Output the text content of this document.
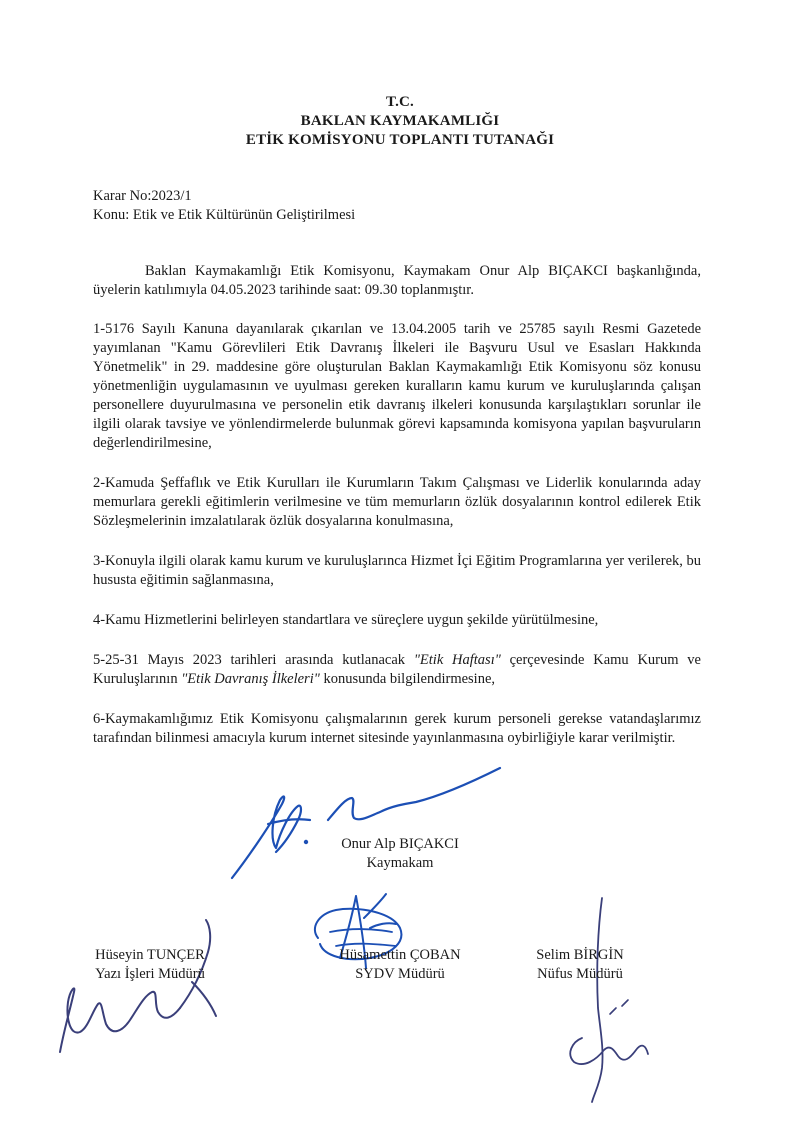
T.C.
BAKLAN KAYMAKAMLIĞI
ETİK KOMİSYONU TOPLANTI TUTANAĞI
Karar No:2023/1
Konu: Etik ve Etik Kültürünün Geliştirilmesi

Baklan Kaymakamlığı Etik Komisyonu, Kaymakam Onur Alp BIÇAKCI başkanlığında, üyelerin katılımıyla 04.05.2023 tarihinde saat: 09.30 toplanmıştır.

1-5176 Sayılı Kanuna dayanılarak çıkarılan ve 13.04.2005 tarih ve 25785 sayılı Resmi Gazetede yayımlanan "Kamu Görevlileri Etik Davranış İlkeleri ile Başvuru Usul ve Esasları Hakkında Yönetmelik" in 29. maddesine göre oluşturulan Baklan Kaymakamlığı Etik Komisyonu söz konusu yönetmenliğin uygulamasının ve uyulması gereken kuralların kamu kurum ve kuruluşlarında çalışan personellere duyurulmasına ve personelin etik davranış ilkeleri konusunda karşılaştıkları sorunlar ile ilgili olarak tavsiye ve yönlendirmelerde bulunmak görevi kapsamında komisyona yapılan başvuruların değerlendirilmesine,

2-Kamuda Şeffaflık ve Etik Kurulları ile Kurumların Takım Çalışması ve Liderlik konularında aday memurlara gerekli eğitimlerin verilmesine ve tüm memurların özlük dosyalarının kontrol edilerek Etik Sözleşmelerinin imzalatılarak özlük dosyalarına konulmasına,

3-Konuyla ilgili olarak kamu kurum ve kuruluşlarınca Hizmet İçi Eğitim Programlarına yer verilerek, bu hususta eğitimin sağlanmasına,

4-Kamu Hizmetlerini belirleyen standartlara ve süreçlere uygun şekilde yürütülmesine,

5-25-31 Mayıs 2023 tarihleri arasında kutlanacak "Etik Haftası" çerçevesinde Kamu Kurum ve Kuruluşlarının "Etik Davranış İlkeleri" konusunda bilgilendirmesine,

6-Kaymakamlığımız Etik Komisyonu çalışmalarının gerek kurum personeli gerekse vatandaşlarımız tarafından bilinmesi amacıyla kurum internet sitesinde yayınlanmasına oybirliğiyle karar verilmiştir.

Onur Alp BIÇAKCI
Kaymakam
Hüseyin TUNÇER
Yazı İşleri Müdürü
Hüsamettin ÇOBAN
SYDV Müdürü
Selim BİRGİN
Nüfus Müdürü
